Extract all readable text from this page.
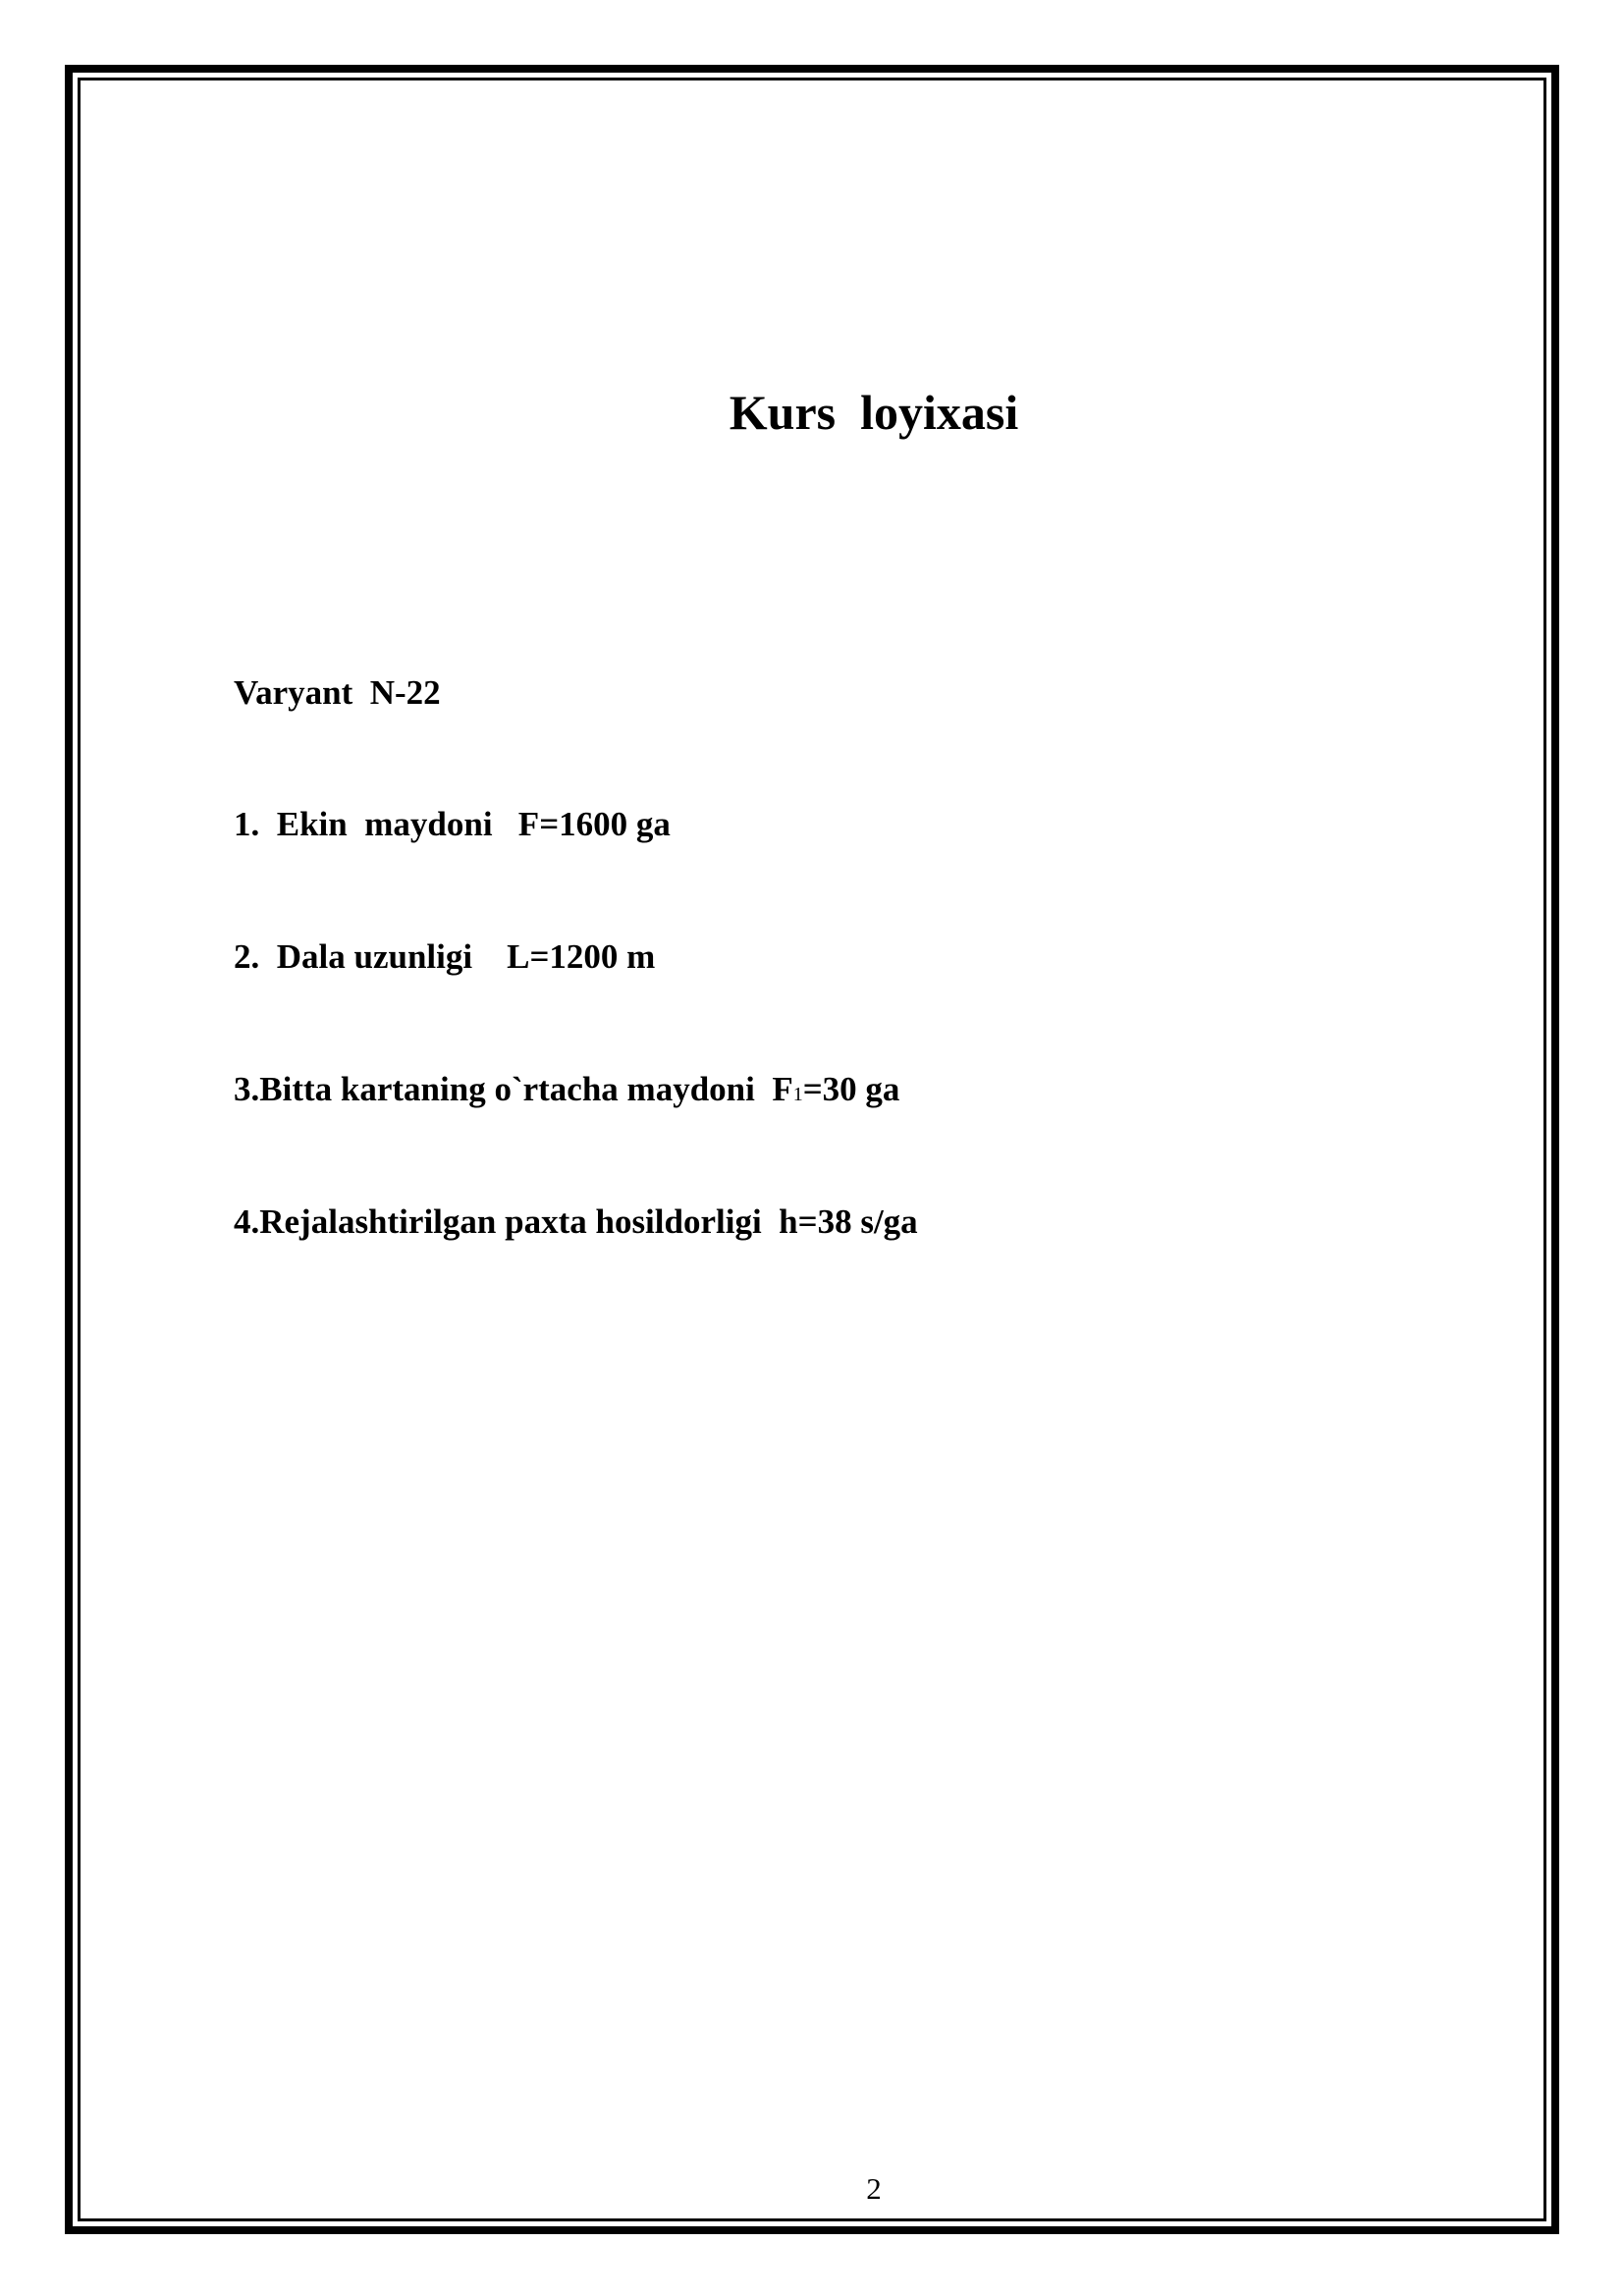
Kurs  loyixasi
Varyant  N-22
1.  Ekin  maydoni   F=1600 ga
2.  Dala uzunligi    L=1200 m
3.Bitta kartaning o`rtacha maydoni  F1=30 ga
4.Rejalashtirilgan paxta hosildorligi  h=38 s/ga
2
